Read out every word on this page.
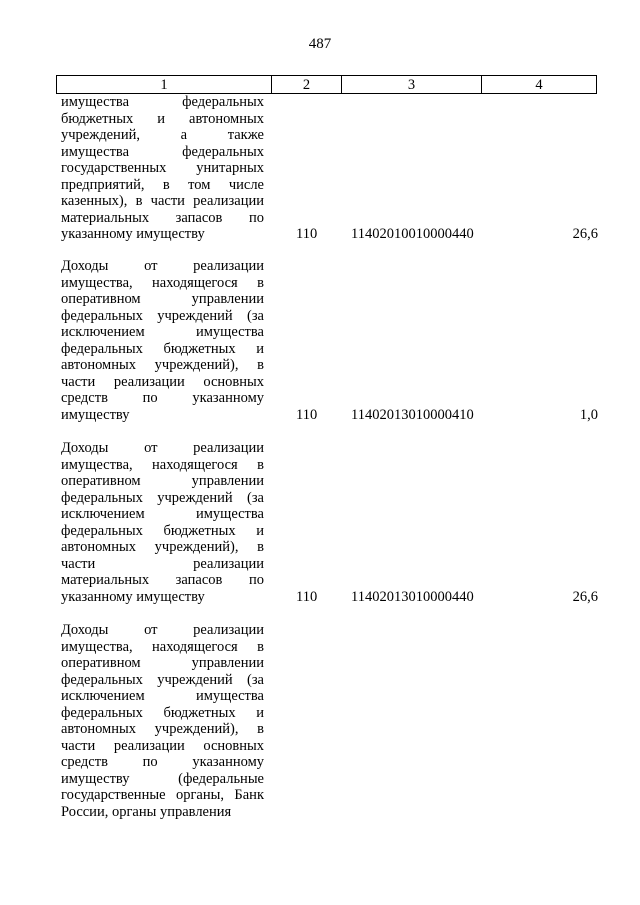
487
1	2	3	4
имущества федеральных
бюджетных и автономных
учреждений, а также
имущества федеральных
государственных унитарных
предприятий, в том числе
казенных), в части реализации
материальных запасов по
указанному имуществу	110	11402010010000440	26,6
Доходы от реализации
имущества, находящегося в
оперативном управлении
федеральных учреждений (за
исключением имущества
федеральных бюджетных и
автономных учреждений), в
части реализации основных
средств по указанному
имуществу	110	11402013010000410	1,0
Доходы от реализации
имущества, находящегося в
оперативном управлении
федеральных учреждений (за
исключением имущества
федеральных бюджетных и
автономных учреждений), в
части реализации
материальных запасов по
указанному имуществу	110	11402013010000440	26,6
Доходы от реализации
имущества, находящегося в
оперативном управлении
федеральных учреждений (за
исключением имущества
федеральных бюджетных и
автономных учреждений), в
части реализации основных
средств по указанному
имуществу (федеральные
государственные органы, Банк
России, органы управления
